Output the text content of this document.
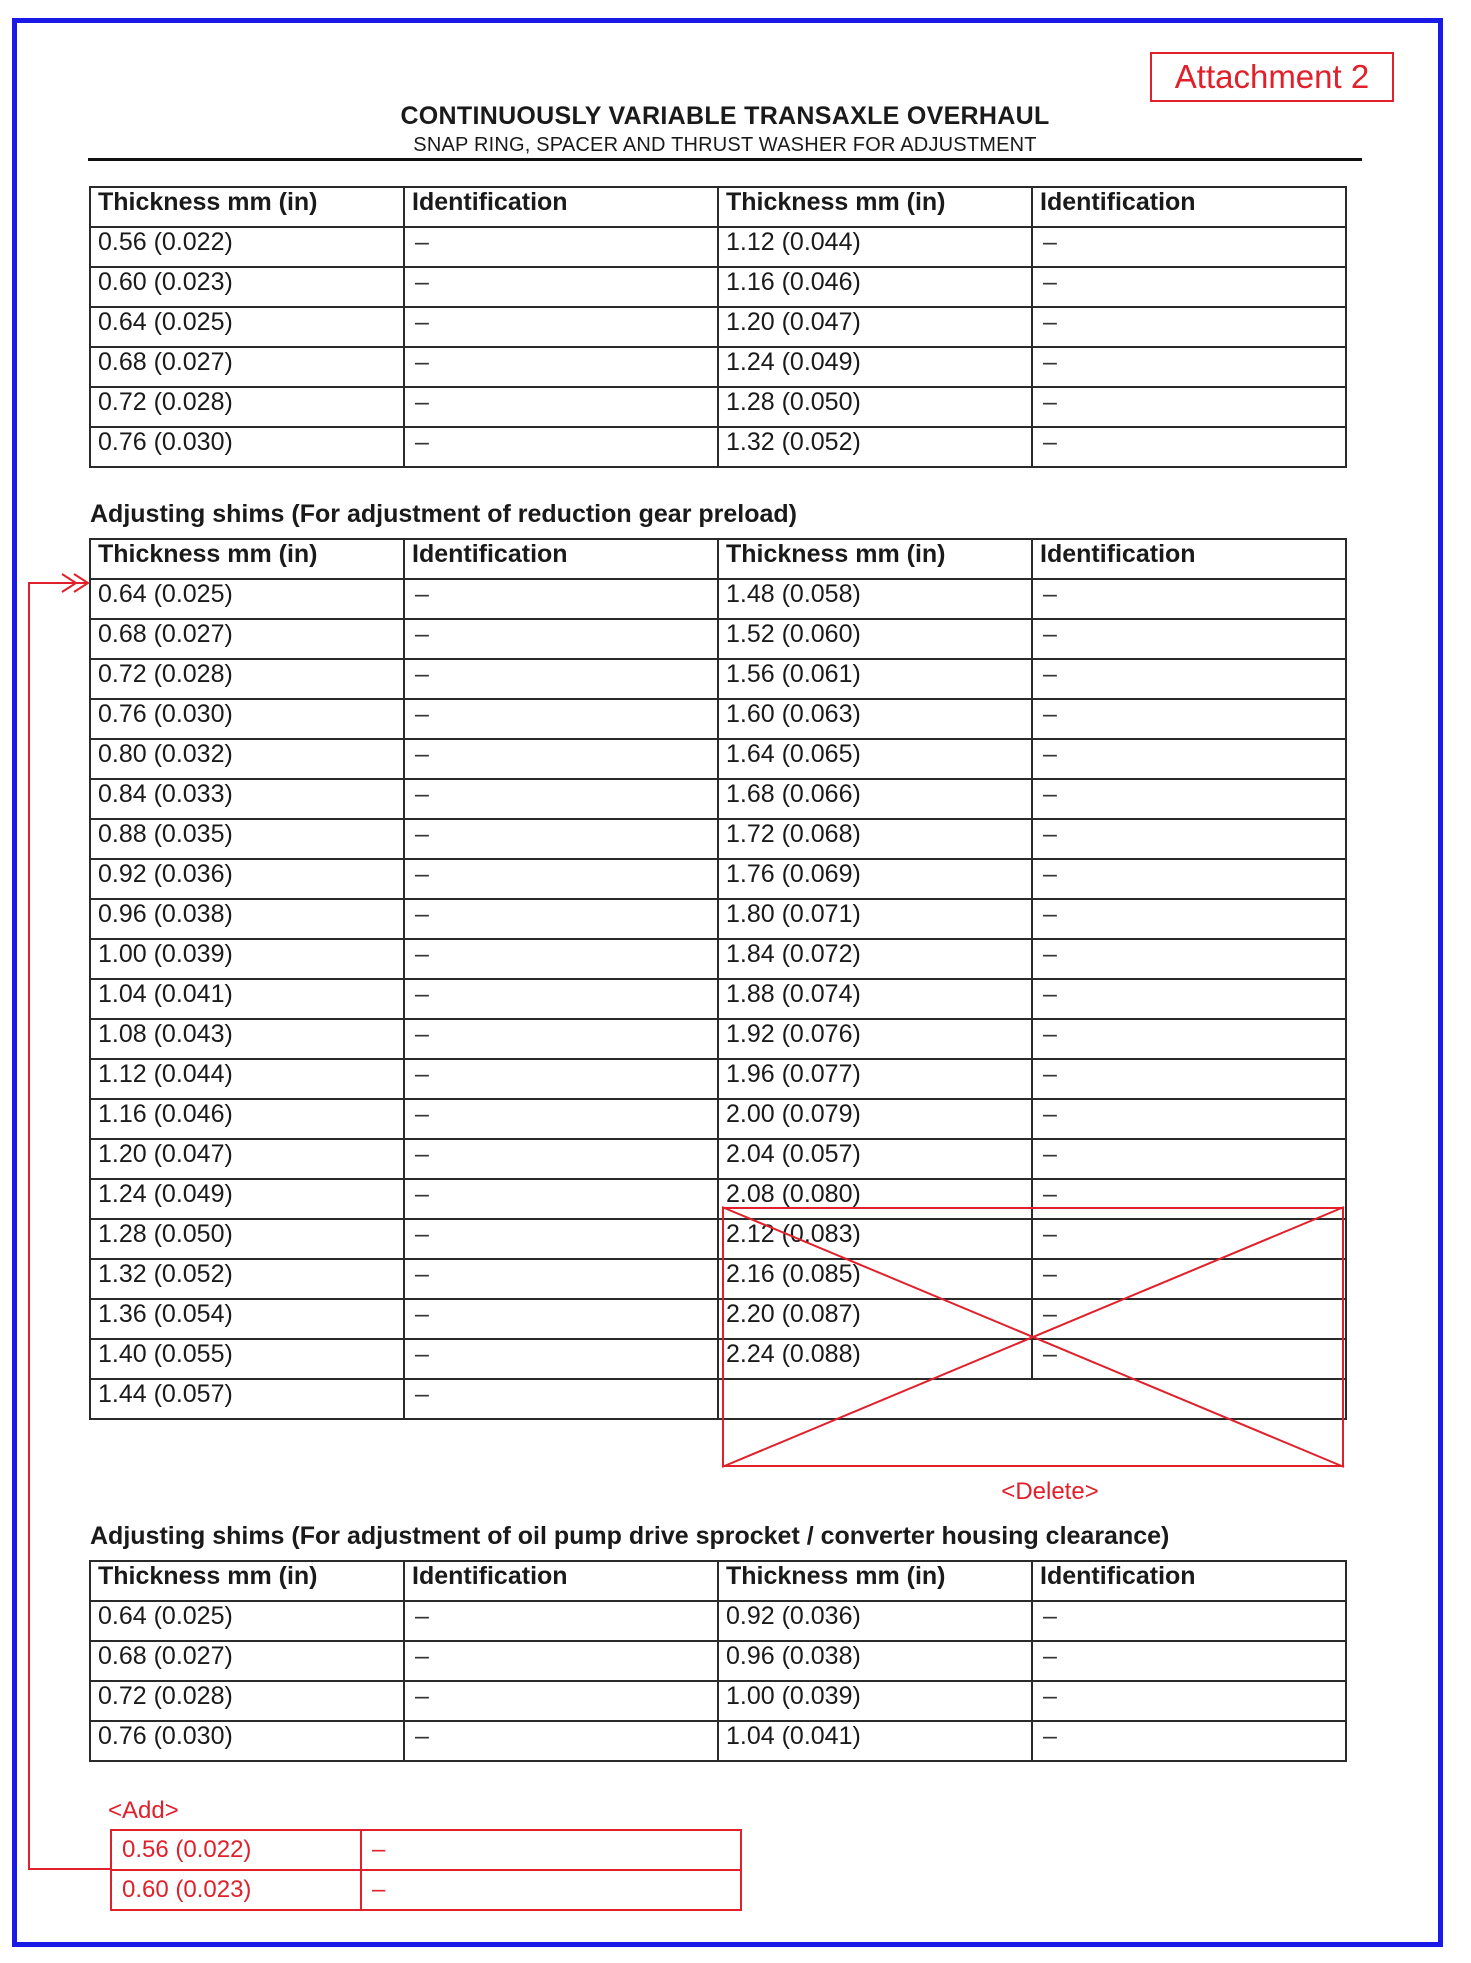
Attachment 2
CONTINUOUSLY VARIABLE TRANSAXLE OVERHAUL
SNAP RING, SPACER AND THRUST WASHER FOR ADJUSTMENT
Thickness mm (in)	Identification	Thickness mm (in)	Identification
0.56 (0.022)	–	1.12 (0.044)	–
0.60 (0.023)	–	1.16 (0.046)	–
0.64 (0.025)	–	1.20 (0.047)	–
0.68 (0.027)	–	1.24 (0.049)	–
0.72 (0.028)	–	1.28 (0.050)	–
0.76 (0.030)	–	1.32 (0.052)	–
Adjusting shims (For adjustment of reduction gear preload)
Thickness mm (in)	Identification	Thickness mm (in)	Identification
0.64 (0.025)	–	1.48 (0.058)	–
0.68 (0.027)	–	1.52 (0.060)	–
0.72 (0.028)	–	1.56 (0.061)	–
0.76 (0.030)	–	1.60 (0.063)	–
0.80 (0.032)	–	1.64 (0.065)	–
0.84 (0.033)	–	1.68 (0.066)	–
0.88 (0.035)	–	1.72 (0.068)	–
0.92 (0.036)	–	1.76 (0.069)	–
0.96 (0.038)	–	1.80 (0.071)	–
1.00 (0.039)	–	1.84 (0.072)	–
1.04 (0.041)	–	1.88 (0.074)	–
1.08 (0.043)	–	1.92 (0.076)	–
1.12 (0.044)	–	1.96 (0.077)	–
1.16 (0.046)	–	2.00 (0.079)	–
1.20 (0.047)	–	2.04 (0.057)	–
1.24 (0.049)	–	2.08 (0.080)	–
1.28 (0.050)	–	2.12 (0.083)	–
1.32 (0.052)	–	2.16 (0.085)	–
1.36 (0.054)	–	2.20 (0.087)	–
1.40 (0.055)	–	2.24 (0.088)	–
1.44 (0.057)	–		
<Delete>
Adjusting shims (For adjustment of oil pump drive sprocket / converter housing clearance)
Thickness mm (in)	Identification	Thickness mm (in)	Identification
0.64 (0.025)	–	0.92 (0.036)	–
0.68 (0.027)	–	0.96 (0.038)	–
0.72 (0.028)	–	1.00 (0.039)	–
0.76 (0.030)	–	1.04 (0.041)	–
<Add>
0.56 (0.022)	–
0.60 (0.023)	–
